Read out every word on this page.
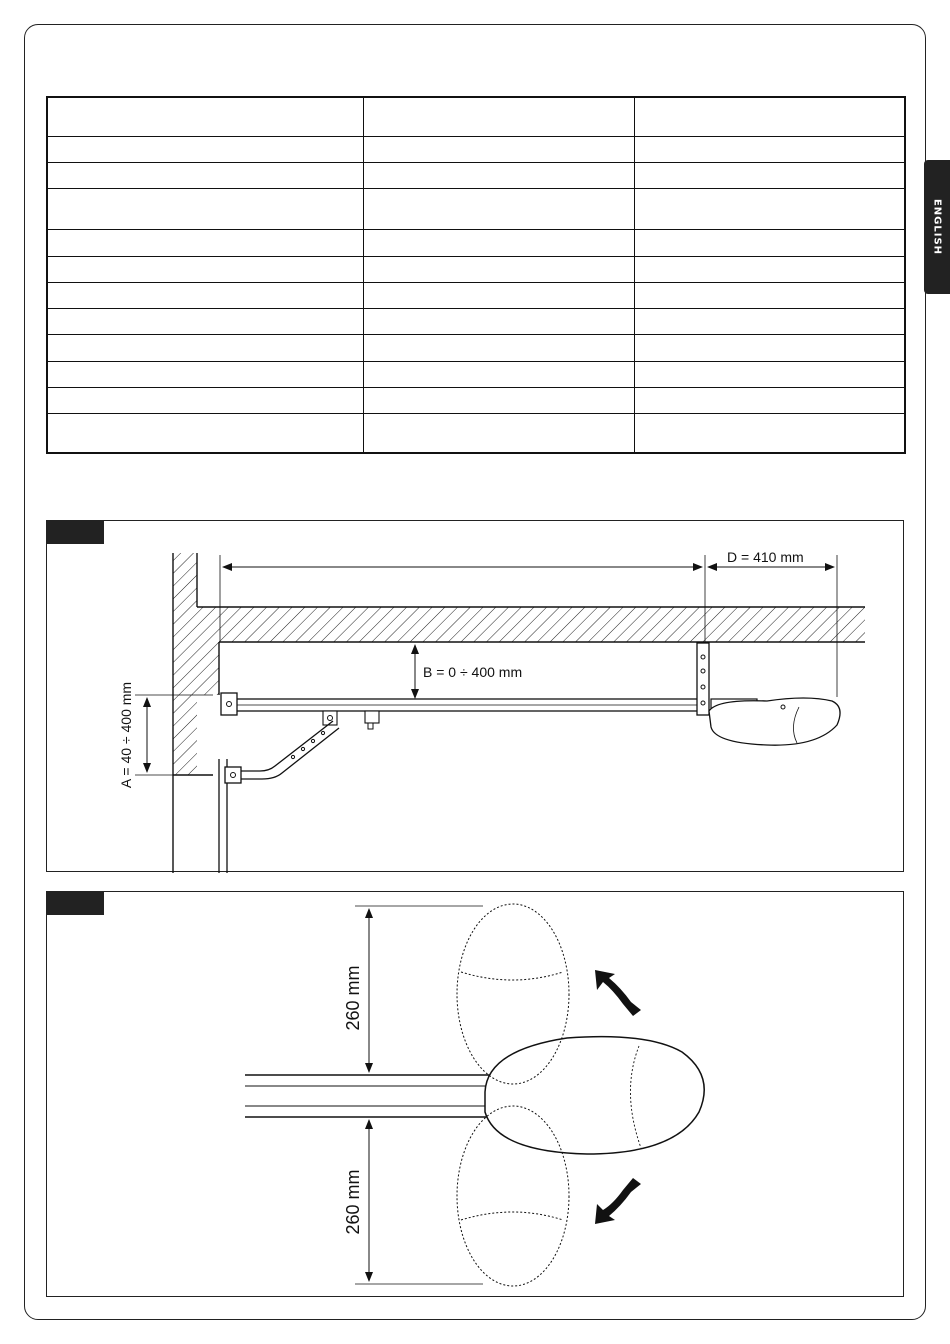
ENGLISH

D = 410 mm
B = 0 ÷ 400 mm
A = 40 ÷ 400 mm
260 mm
260 mm
